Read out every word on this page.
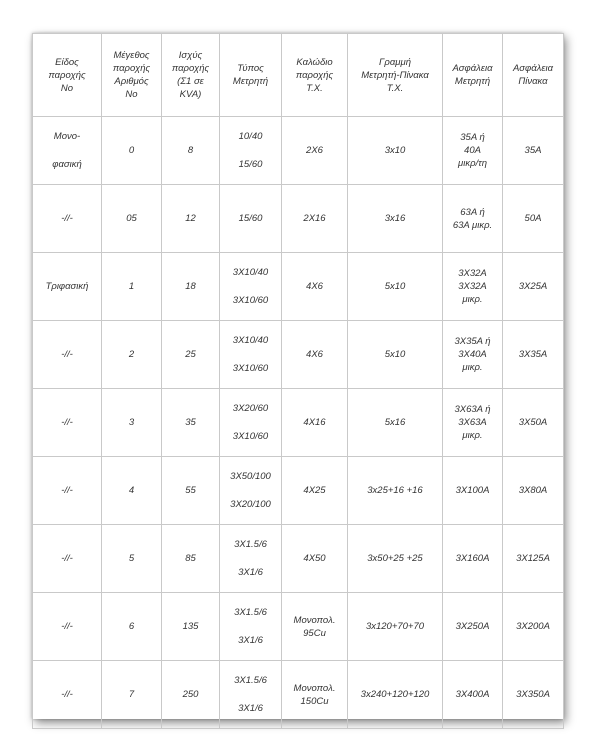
Είδος
παροχής
Νο	Μέγεθος
παροχής
Αριθμός
Νο	Ισχύς
παροχής
(Σ1 σε
KVA)	Τύπος
Μετρητή	Καλώδιο
παροχής
Τ.Χ.	Γραμμή
Μετρητή-Πίνακα
Τ.Χ.	Ασφάλεια
Μετρητή	Ασφάλεια
Πίνακα

Μονο-
φασική	0	8	10/40
15/60	2X6	3x10	35A ή
40A
μικρ/τη	35A

-//-	05	12	15/60	2X16	3x16	63A ή
63A μικρ.	50A

Τριφασική	1	18	3X10/40
3X10/60	4X6	5x10	3X32A
3X32A
μικρ.	3X25A

-//-	2	25	3X10/40
3X10/60	4X6	5x10	3X35A ή
3X40A
μικρ.	3X35A

-//-	3	35	3X20/60
3X10/60	4X16	5x16	3X63A ή
3X63A
μικρ.	3X50A

-//-	4	55	3X50/100
3X20/100	4X25	3x25+16 +16	3X100A	3X80A

-//-	5	85	3X1.5/6
3X1/6	4X50	3x50+25 +25	3X160A	3X125A

-//-	6	135	3X1.5/6
3X1/6	Μονοπολ. 95Cu	3x120+70+70	3X250A	3X200A

-//-	7	250	3X1.5/6
3X1/6	Μονοπολ. 150Cu	3x240+120+120	3X400A	3X350A
